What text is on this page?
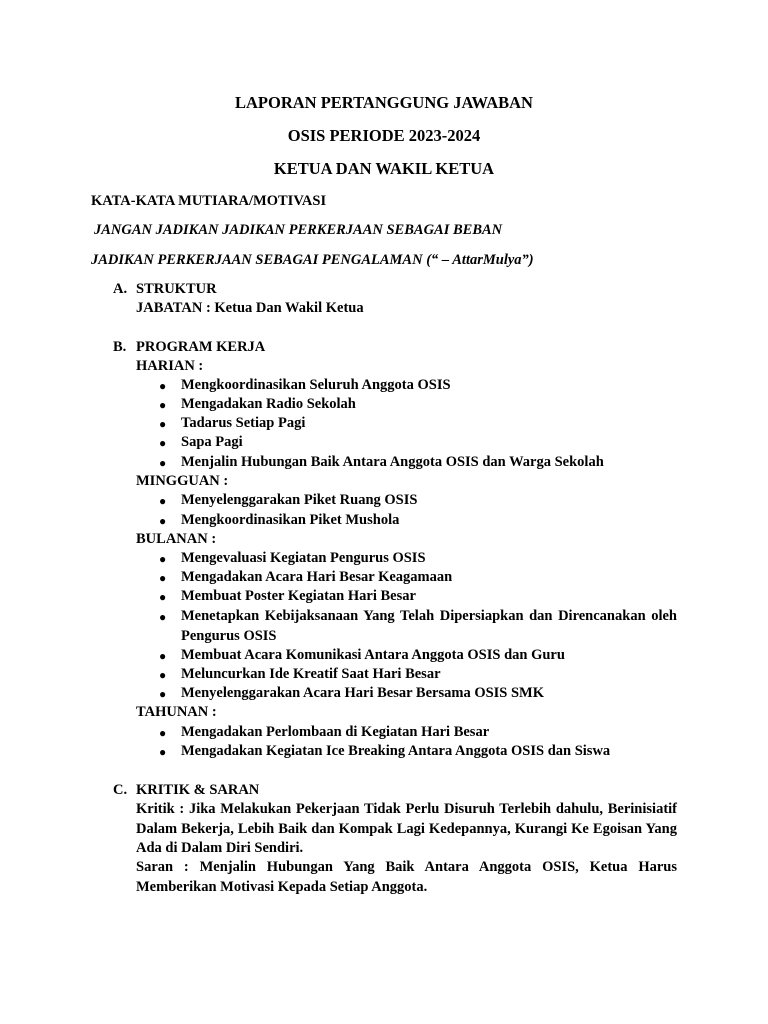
LAPORAN PERTANGGUNG JAWABAN
OSIS PERIODE 2023-2024
KETUA DAN WAKIL KETUA
KATA-KATA MUTIARA/MOTIVASI
JANGAN JADIKAN JADIKAN PERKERJAAN SEBAGAI BEBAN
JADIKAN PERKERJAAN SEBAGAI PENGALAMAN (“ – AttarMulya”)
A. STRUKTUR
JABATAN : Ketua Dan Wakil Ketua
B. PROGRAM KERJA
HARIAN :
● Mengkoordinasikan Seluruh Anggota OSIS
● Mengadakan Radio Sekolah
● Tadarus Setiap Pagi
● Sapa Pagi
● Menjalin Hubungan Baik Antara Anggota OSIS dan Warga Sekolah
MINGGUAN :
● Menyelenggarakan Piket Ruang OSIS
● Mengkoordinasikan Piket Mushola
BULANAN :
● Mengevaluasi Kegiatan Pengurus OSIS
● Mengadakan Acara Hari Besar Keagamaan
● Membuat Poster Kegiatan Hari Besar
● Menetapkan Kebijaksanaan Yang Telah Dipersiapkan dan Direncanakan oleh Pengurus OSIS
● Membuat Acara Komunikasi Antara Anggota OSIS dan Guru
● Meluncurkan Ide Kreatif Saat Hari Besar
● Menyelenggarakan Acara Hari Besar Bersama OSIS SMK
TAHUNAN :
● Mengadakan Perlombaan di Kegiatan Hari Besar
● Mengadakan Kegiatan Ice Breaking Antara Anggota OSIS dan Siswa
C. KRITIK & SARAN
Kritik : Jika Melakukan Pekerjaan Tidak Perlu Disuruh Terlebih dahulu, Berinisiatif Dalam Bekerja, Lebih Baik dan Kompak Lagi Kedepannya, Kurangi Ke Egoisan Yang Ada di Dalam Diri Sendiri.
Saran : Menjalin Hubungan Yang Baik Antara Anggota OSIS, Ketua Harus Memberikan Motivasi Kepada Setiap Anggota.
